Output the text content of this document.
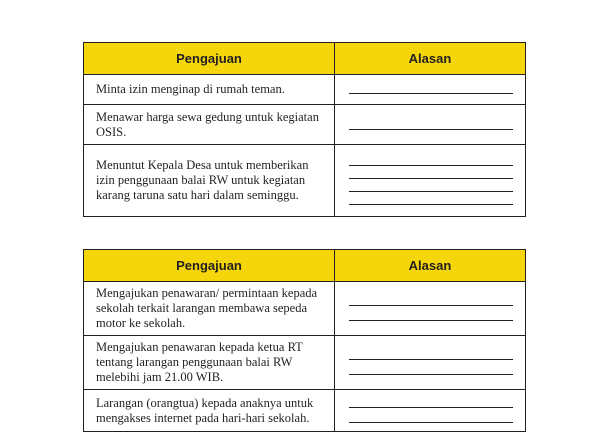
Pengajuan	Alasan
Minta izin menginap di rumah teman.	

Menawar harga sewa gedung untuk kegiatan OSIS.	

Menuntut Kepala Desa untuk memberikan izin penggunaan balai RW untuk kegiatan karang taruna satu hari dalam seminggu.	
Pengajuan	Alasan
Mengajukan penawaran/ permintaan kepada sekolah terkait larangan membawa sepeda motor ke sekolah.	

Mengajukan penawaran kepada ketua RT tentang larangan penggunaan balai RW melebihi jam 21.00 WIB.	

Larangan (orangtua) kepada anaknya untuk mengakses internet pada hari-hari sekolah.	
